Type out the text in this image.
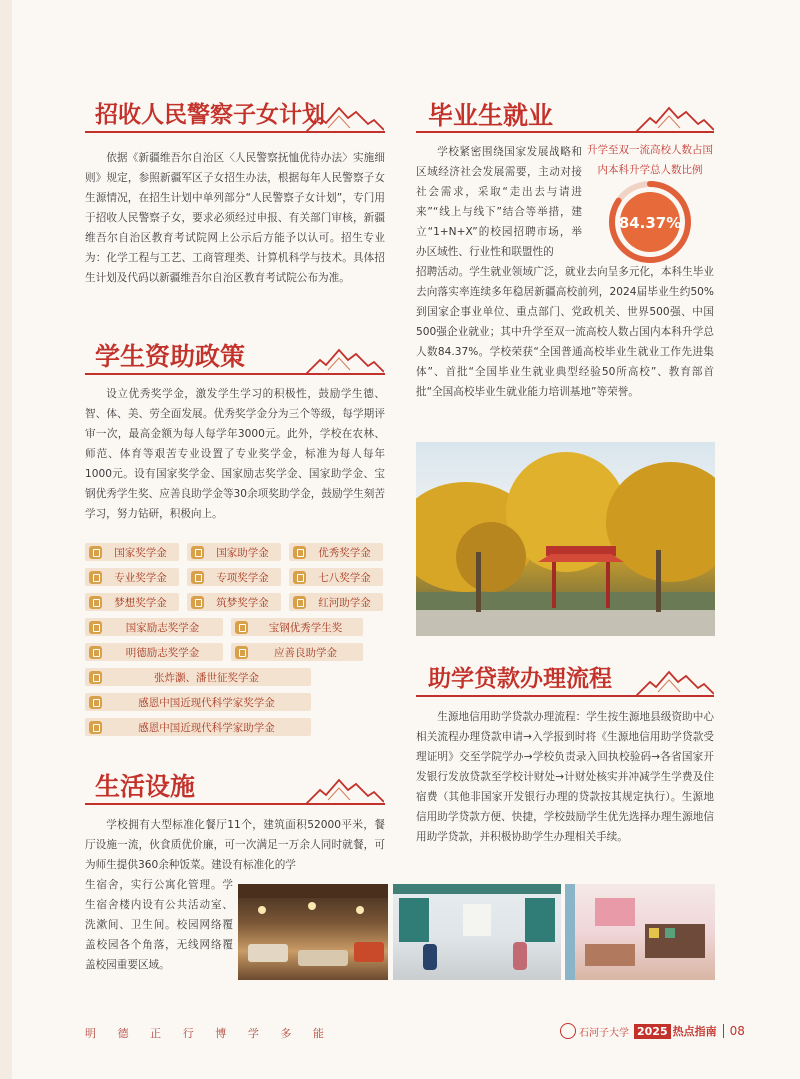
招收人民警察子女计划

依据《新疆维吾尔自治区〈人民警察抚恤优待办法〉实施细则》规定，参照新疆军区子女招生办法，根据每年人民警察子女生源情况，在招生计划中单列部分“人民警察子女计划”，专门用于招收人民警察子女，要求必须经过申报、有关部门审核，新疆维吾尔自治区教育考试院网上公示后方能予以认可。招生专业为：化学工程与工艺、工商管理类、计算机科学与技术。具体招生计划及代码以新疆维吾尔自治区教育考试院公布为准。

学生资助政策

设立优秀奖学金，激发学生学习的积极性，鼓励学生德、智、体、美、劳全面发展。优秀奖学金分为三个等级，每学期评审一次，最高金额为每人每学年3000元。此外，学校在农林、师范、体育等艰苦专业设置了专业奖学金，标准为每人每年1000元。设有国家奖学金、国家励志奖学金、国家助学金、宝钢优秀学生奖、应善良助学金等30余项奖助学金，鼓励学生刻苦学习，努力钻研，积极向上。

国家奖学金	国家助学金	优秀奖学金
专业奖学金	专项奖学金	七八奖学金
梦想奖学金	筑梦奖学金	红河助学金
国家励志奖学金	宝钢优秀学生奖
明德励志奖学金	应善良助学金
张炸灏、潘世征奖学金
感恩中国近现代科学家奖学金
感恩中国近现代科学家助学金
生活设施

学校拥有大型标准化餐厅11个，建筑面积52000平米，餐厅设施一流，伙食质优价廉，可一次满足一万余人同时就餐，可为师生提供360余种饭菜。建设有标准化的学

生宿舍，实行公寓化管理。学生宿舍楼内设有公共活动室、洗漱间、卫生间。校园网络覆盖校园各个角落，无线网络覆盖校园重要区域。

毕业生就业

学校紧密围绕国家发展战略和区域经济社会发展需要，主动对接社会需求，采取“走出去与请进来”“线上与线下”结合等举措，建立“1+N+X”的校园招聘市场，举办区域性、行业性和联盟性的

升学至双一流高校人数占国内本科升学总人数比例
84.37%

招聘活动。学生就业领域广泛，就业去向呈多元化，本科生毕业去向落实率连续多年稳居新疆高校前列，2024届毕业生约50%到国家企事业单位、重点部门、党政机关、世界500强、中国500强企业就业；其中升学至双一流高校人数占国内本科升学总人数84.37%。学校荣获“全国普通高校毕业生就业工作先进集体”、首批“全国毕业生就业典型经验50所高校”、教育部首批“全国高校毕业生就业能力培训基地”等荣誉。

助学贷款办理流程

生源地信用助学贷款办理流程：学生按生源地县级资助中心相关流程办理贷款申请→入学报到时将《生源地信用助学贷款受理证明》交至学院学办→学校负责录入回执校验码→各省国家开发银行发放贷款至学校计财处→计财处核实并冲减学生学费及住宿费（其他非国家开发银行办理的贷款按其规定执行）。生源地信用助学贷款方便、快捷，学校鼓励学生优先选择办理生源地信用助学贷款，并积极协助学生办理相关手续。

明 德 正 行 博 学 多 能	石河子大学 2025 热点指南 08
